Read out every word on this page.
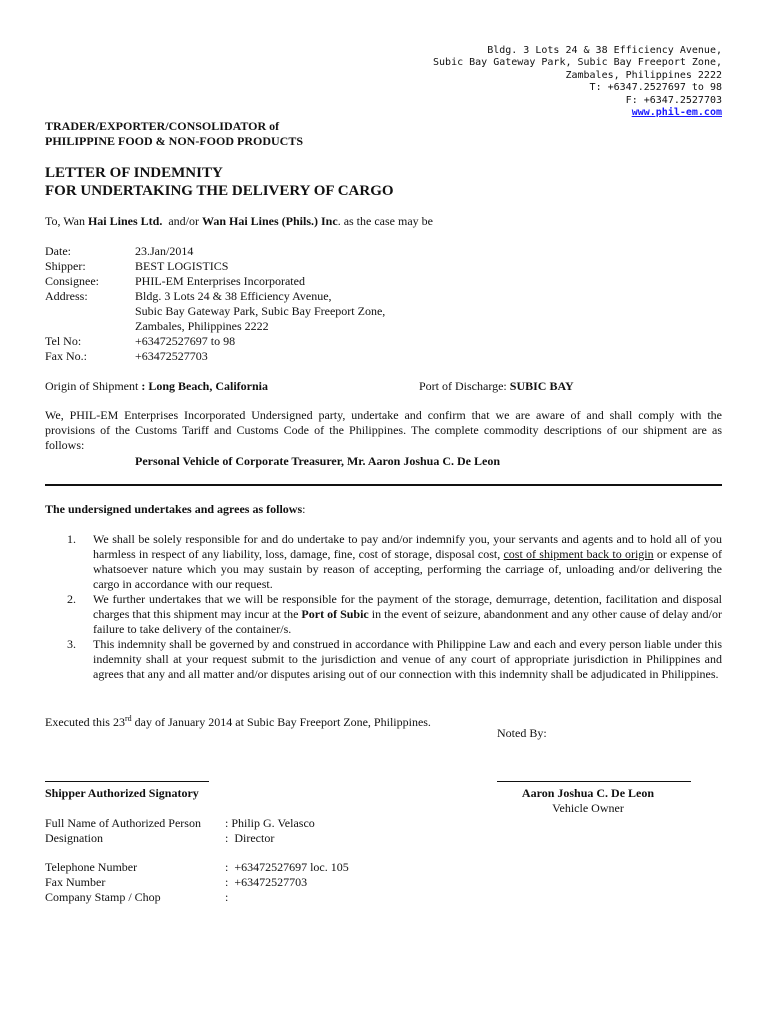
Bldg. 3 Lots 24 & 38 Efficiency Avenue,
Subic Bay Gateway Park, Subic Bay Freeport Zone,
Zambales, Philippines 2222
T: +6347.2527697 to 98
F: +6347.2527703
www.phil-em.com
TRADER/EXPORTER/CONSOLIDATOR of
PHILIPPINE FOOD & NON-FOOD PRODUCTS
LETTER OF INDEMNITY
FOR UNDERTAKING THE DELIVERY OF CARGO
To, Wan Hai Lines Ltd.  and/or Wan Hai Lines (Phils.) Inc. as the case may be
Date:	23.Jan/2014
Shipper:	BEST LOGISTICS
Consignee:	PHIL-EM Enterprises Incorporated
Address:	Bldg. 3 Lots 24 & 38 Efficiency Avenue,
Subic Bay Gateway Park, Subic Bay Freeport Zone,
Zambales, Philippines 2222
Tel No:	+63472527697 to 98
Fax No.:	+63472527703
Origin of Shipment : Long Beach, California	Port of Discharge: SUBIC BAY
We, PHIL-EM Enterprises Incorporated Undersigned party, undertake and confirm that we are aware of and shall comply with the provisions of the Customs Tariff and Customs Code of the Philippines. The complete commodity descriptions of our shipment are as follows:
Personal Vehicle of Corporate Treasurer, Mr. Aaron Joshua C. De Leon
The undersigned undertakes and agrees as follows:
1.	We shall be solely responsible for and do undertake to pay and/or indemnify you, your servants and agents and to hold all of you harmless in respect of any liability, loss, damage, fine, cost of storage, disposal cost, cost of shipment back to origin or expense of whatsoever nature which you may sustain by reason of accepting, performing the carriage of, unloading and/or delivering the cargo in accordance with our request.
2.	We further undertakes that we will be responsible for the payment of the storage, demurrage, detention, facilitation and disposal charges that this shipment may incur at the Port of Subic in the event of seizure, abandonment and any other cause of delay and/or failure to take delivery of the container/s.
3.	This indemnity shall be governed by and construed in accordance with Philippine Law and each and every person liable under this indemnity shall at your request submit to the jurisdiction and venue of any court of appropriate jurisdiction in Philippines and agrees that any and all matter and/or disputes arising out of our connection with this indemnity shall be adjudicated in Philippines.
Executed this 23rd day of January 2014 at Subic Bay Freeport Zone, Philippines.
Noted By:
Shipper Authorized Signatory	Aaron Joshua C. De Leon
Vehicle Owner
Full Name of Authorized Person	: Philip G. Velasco
Designation	:  Director
Telephone Number	:  +63472527697 loc. 105
Fax Number	:  +63472527703
Company Stamp / Chop	:
